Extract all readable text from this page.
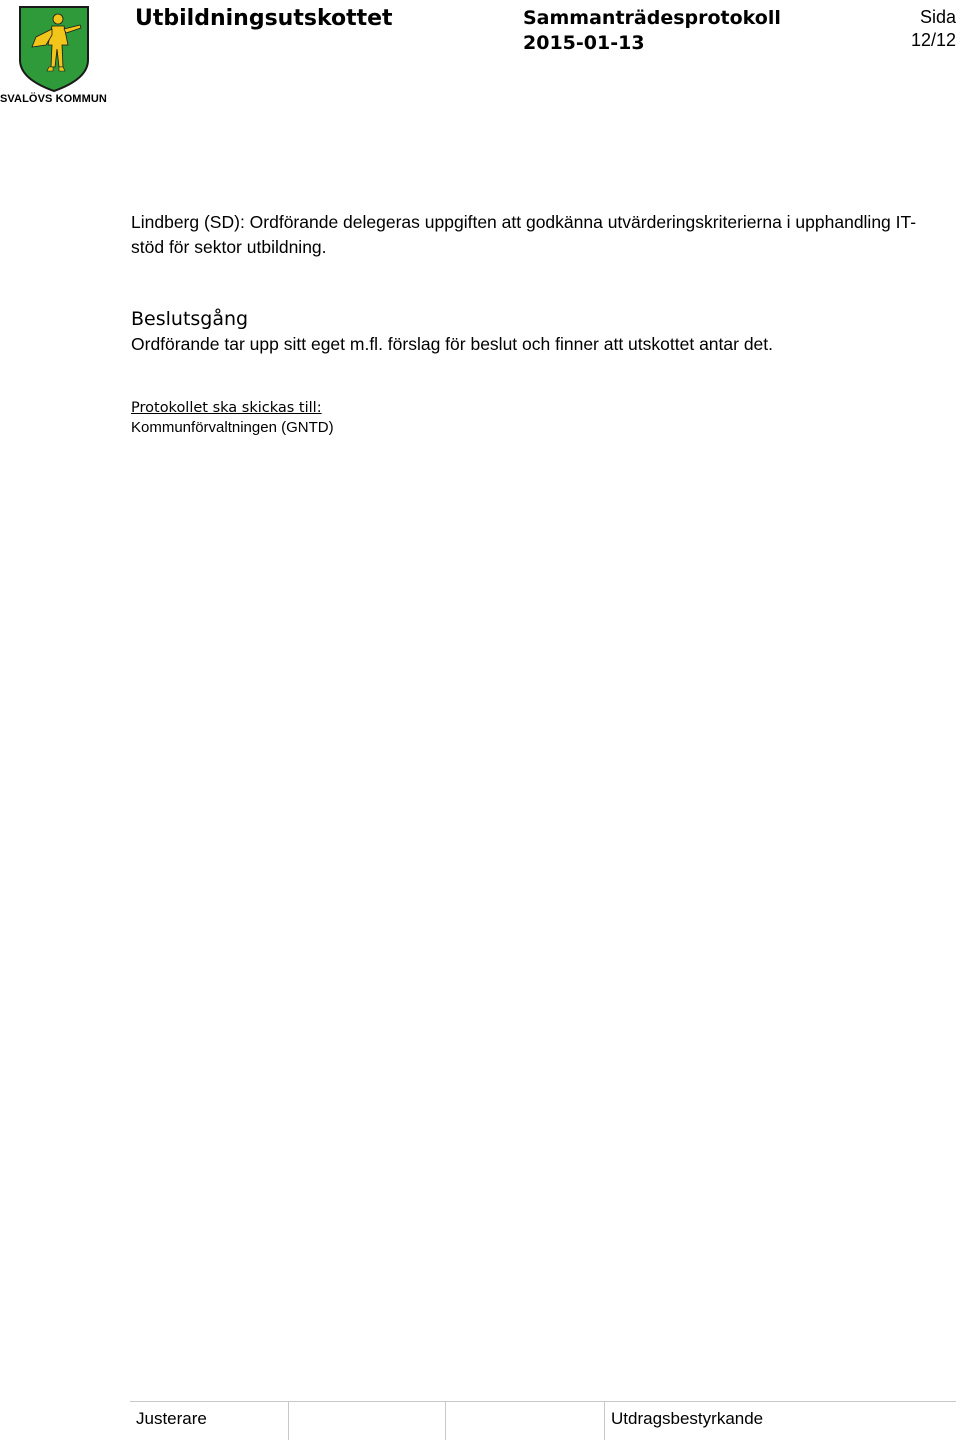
SVALÖVS KOMMUN
Utbildningsutskottet	Sammanträdesprotokoll
2015-01-13
Sida
12/12

Lindberg (SD): Ordförande delegeras uppgiften att godkänna utvärderingskriterierna i upphandling IT-stöd för sektor utbildning.

Beslutsgång

Ordförande tar upp sitt eget m.fl. förslag för beslut och finner att utskottet antar det.

Protokollet ska skickas till:
Kommunförvaltningen (GNTD)
Justerare	Utdragsbestyrkande
